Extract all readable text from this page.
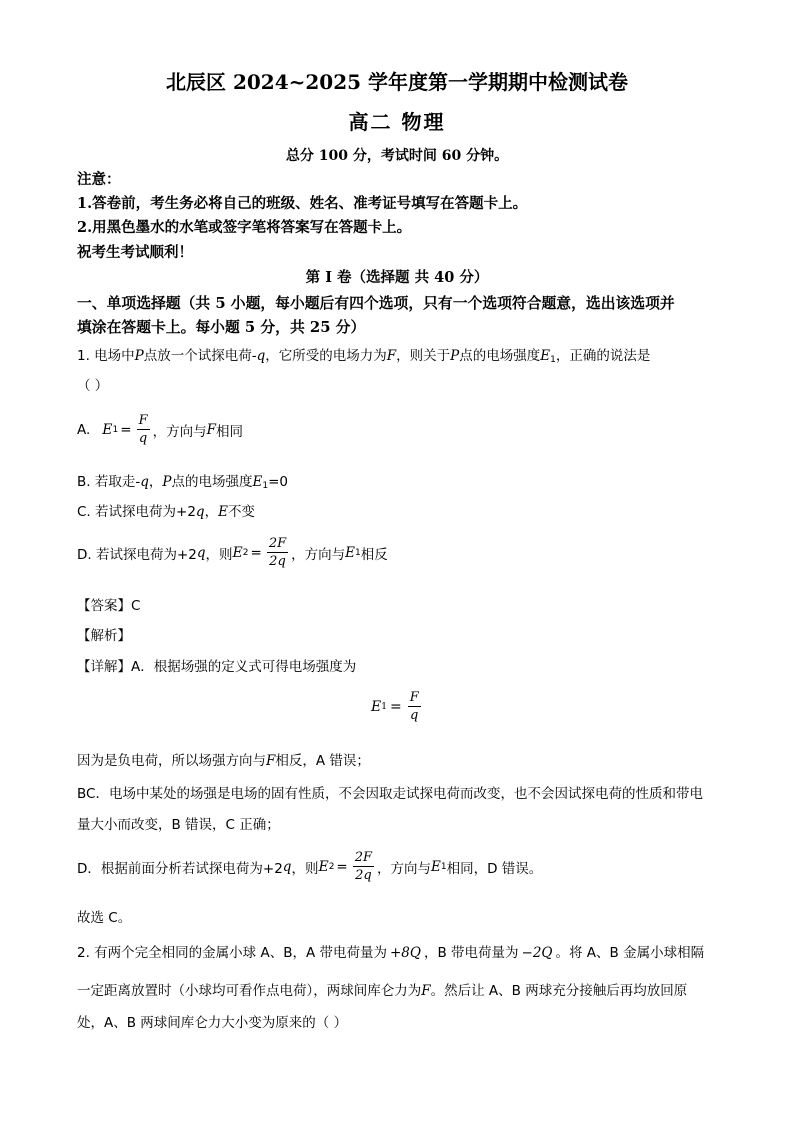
北辰区 2024~2025 学年度第一学期期中检测试卷
高二 物理
总分 100 分，考试时间 60 分钟。
注意：
1.答卷前，考生务必将自己的班级、姓名、准考证号填写在答题卡上。
2.用黑色墨水的水笔或签字笔将答案写在答题卡上。
祝考生考试顺利！
第 I 卷（选择题 共 40 分）
一、单项选择题（共 5 小题，每小题后有四个选项，只有一个选项符合题意，选出该选项并
填涂在答题卡上。每小题 5 分，共 25 分）
1. 电场中P点放一个试探电荷-q，它所受的电场力为F，则关于P点的电场强度$E_1$，正确的说法是
（ ）
A. E $1 = \frac{F}{q}$ ，方向与 F 相同
B. 若取走-q，P点的电场强度$E_1=0$
C. 若试探电荷为+2q，E不变
D. 若试探电荷为+2 q ，则 E $2 = \frac{2F}{2q}$ ，方向与 E 1 相反
【答案】C
【解析】
【详解】A．根据场强的定义式可得电场强度为
E $1 = \frac{F}{q}$
因为是负电荷，所以场强方向与F相反，A 错误；
BC．电场中某处的场强是电场的固有性质，不会因取走试探电荷而改变，也不会因试探电荷的性质和带电
量大小而改变，B 错误，C 正确；
D．根据前面分析若试探电荷为+2 q ，则 E $2 = \frac{2F}{2q}$ ，方向与 E 1 相同，D 错误。
故选 C。
2. 有两个完全相同的金属小球 A、B，A 带电荷量为 +8Q ，B 带电荷量为 −2Q 。将 A、B 金属小球相隔
一定距离放置时（小球均可看作点电荷），两球间库仑力为F。然后让 A、B 两球充分接触后再均放回原
处，A、B 两球间库仑力大小变为原来的（ ）
